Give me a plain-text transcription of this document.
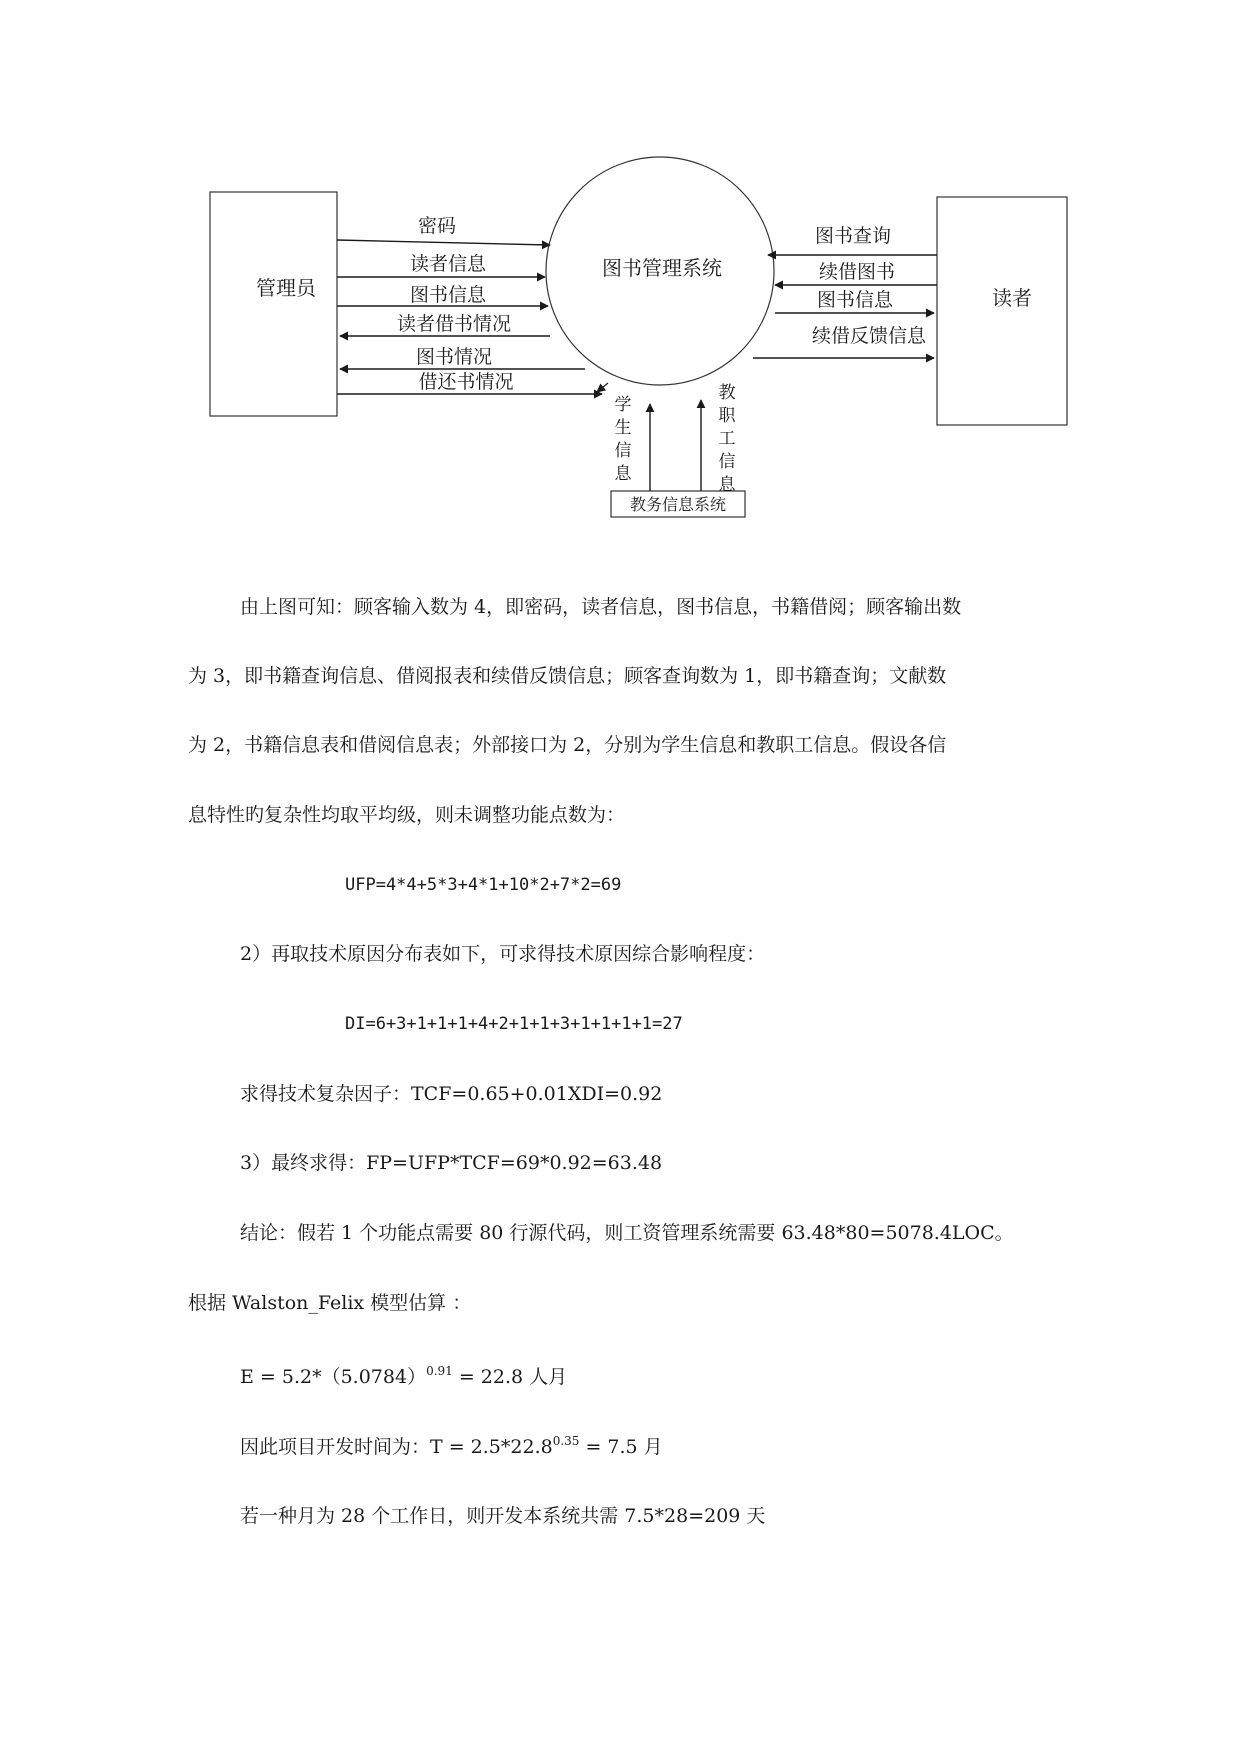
管理员
图书管理系统
读者
教务信息系统
密码
读者信息
图书信息
读者借书情况
图书情况
借还书情况
图书查询
续借图书
图书信息
续借反馈信息
学
生
信
息
教
职
工
信
息
由上图可知：顾客输入数为 4，即密码，读者信息，图书信息，书籍借阅；顾客输出数
为 3，即书籍查询信息、借阅报表和续借反馈信息；顾客查询数为 1，即书籍查询；文献数
为 2，书籍信息表和借阅信息表；外部接口为 2，分别为学生信息和教职工信息。假设各信
息特性旳复杂性均取平均级，则未调整功能点数为：
UFP=4*4+5*3+4*1+10*2+7*2=69
2）再取技术原因分布表如下，可求得技术原因综合影响程度：
DI=6+3+1+1+1+4+2+1+1+3+1+1+1+1=27
求得技术复杂因子：TCF=0.65+0.01XDI=0.92
3）最终求得：FP=UFP*TCF=69*0.92=63.48
结论：假若 1 个功能点需要 80 行源代码，则工资管理系统需要 63.48*80=5078.4LOC。
根据 Walston_Felix 模型估算 ：
$E = 5.2*(5.0784)^{0.91} = 22.8$ 人月
因此项目开发时间为：$T = 2.5*22.8^{0.35} = 7.5$ 月
若一种月为 28 个工作日，则开发本系统共需 7.5*28=209 天
